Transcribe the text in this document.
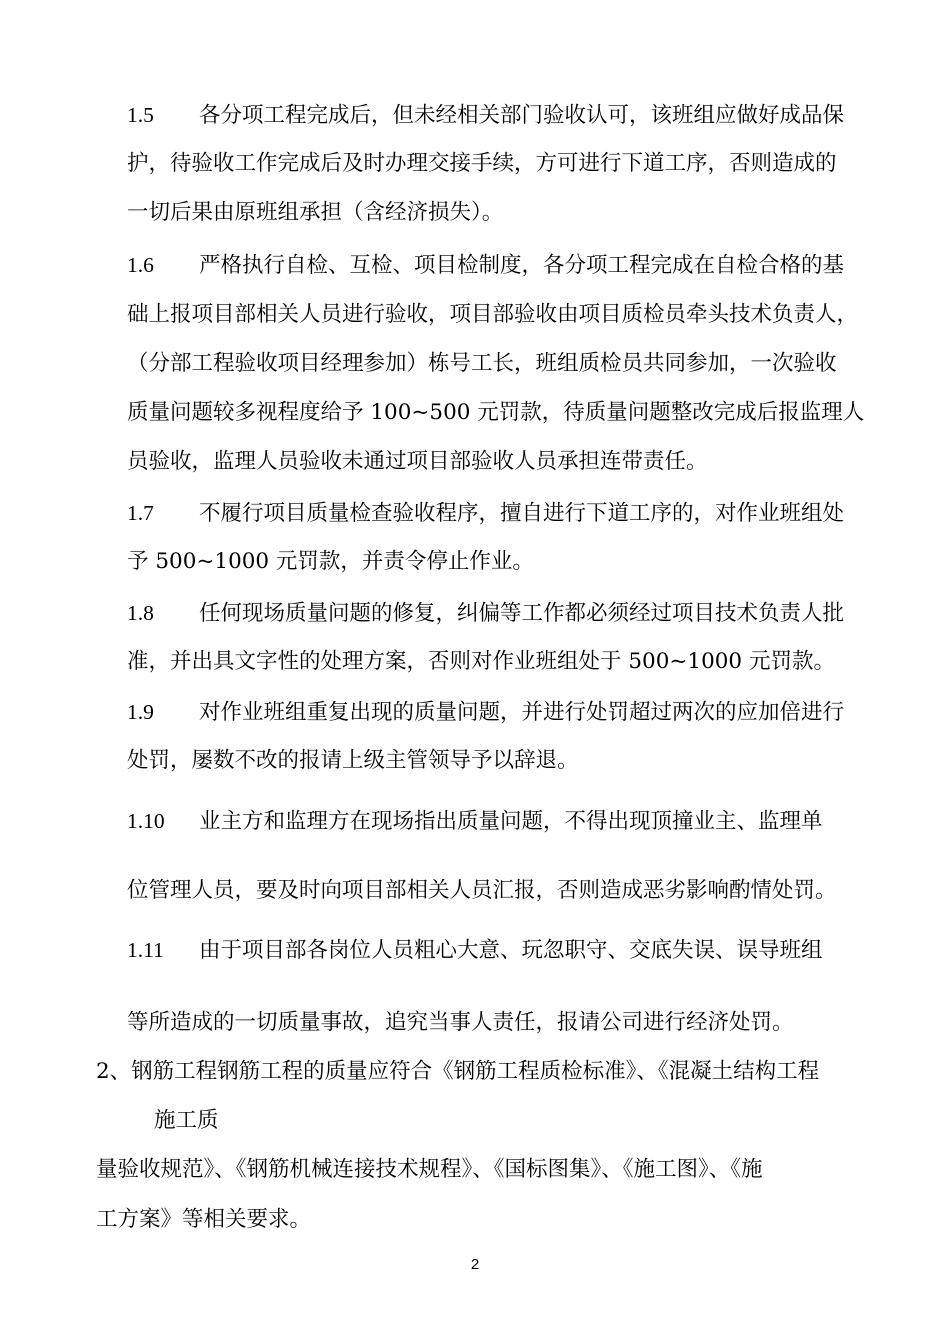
1.5 各分项工程完成后，但未经相关部门验收认可，该班组应做好成品保
护，待验收工作完成后及时办理交接手续，方可进行下道工序，否则造成的
一切后果由原班组承担（含经济损失）。
1.6 严格执行自检、互检、项目检制度，各分项工程完成在自检合格的基
础上报项目部相关人员进行验收，项目部验收由项目质检员牵头技术负责人，
（分部工程验收项目经理参加）栋号工长，班组质检员共同参加，一次验收
质量问题较多视程度给予 100~500 元罚款，待质量问题整改完成后报监理人
员验收，监理人员验收未通过项目部验收人员承担连带责任。
1.7 不履行项目质量检查验收程序，擅自进行下道工序的，对作业班组处
予 500~1000 元罚款，并责令停止作业。
1.8 任何现场质量问题的修复，纠偏等工作都必须经过项目技术负责人批
准，并出具文字性的处理方案，否则对作业班组处于 500~1000 元罚款。
1.9 对作业班组重复出现的质量问题，并进行处罚超过两次的应加倍进行
处罚，屡数不改的报请上级主管领导予以辞退。
1.10 业主方和监理方在现场指出质量问题，不得出现顶撞业主、监理单
位管理人员，要及时向项目部相关人员汇报，否则造成恶劣影响酌情处罚。
1.11 由于项目部各岗位人员粗心大意、玩忽职守、交底失误、误导班组
等所造成的一切质量事故，追究当事人责任，报请公司进行经济处罚。
2、钢筋工程钢筋工程的质量应符合《钢筋工程质检标准》、《混凝土结构工程
施工质
量验收规范》、《钢筋机械连接技术规程》、《国标图集》、《施工图》、《施
工方案》等相关要求。
2
